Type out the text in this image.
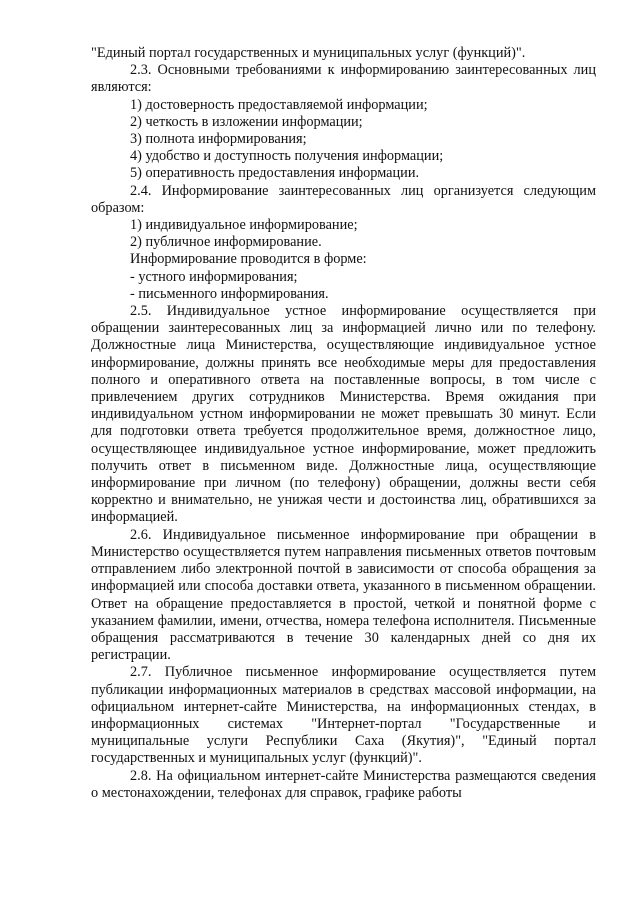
"Единый портал государственных и муниципальных услуг (функций)".

2.3. Основными требованиями к информированию заинтересованных лиц являются:

1) достоверность предоставляемой информации;

2) четкость в изложении информации;

3) полнота информирования;

4) удобство и доступность получения информации;

5) оперативность предоставления информации.

2.4. Информирование заинтересованных лиц организуется следующим образом:

1) индивидуальное информирование;

2) публичное информирование.

Информирование проводится в форме:

- устного информирования;

- письменного информирования.

2.5. Индивидуальное устное информирование осуществляется при обращении заинтересованных лиц за информацией лично или по телефону. Должностные лица Министерства, осуществляющие индивидуальное устное информирование, должны принять все необходимые меры для предоставления полного и оперативного ответа на поставленные вопросы, в том числе с привлечением других сотрудников Министерства. Время ожидания при индивидуальном устном информировании не может превышать 30 минут. Если для подготовки ответа требуется продолжительное время, должностное лицо, осуществляющее индивидуальное устное информирование, может предложить получить ответ в письменном виде. Должностные лица, осуществляющие информирование при личном (по телефону) обращении, должны вести себя корректно и внимательно, не унижая чести и достоинства лиц, обратившихся за информацией.

2.6. Индивидуальное письменное информирование при обращении в Министерство осуществляется путем направления письменных ответов почтовым отправлением либо электронной почтой в зависимости от способа обращения за информацией или способа доставки ответа, указанного в письменном обращении. Ответ на обращение предоставляется в простой, четкой и понятной форме с указанием фамилии, имени, отчества, номера телефона исполнителя. Письменные обращения рассматриваются в течение 30 календарных дней со дня их регистрации.

2.7. Публичное письменное информирование осуществляется путем публикации информационных материалов в средствах массовой информации, на официальном интернет-сайте Министерства, на информационных стендах, в информационных системах "Интернет-портал "Государственные и муниципальные услуги Республики Саха (Якутия)", "Единый портал государственных и муниципальных услуг (функций)".

2.8. На официальном интернет-сайте Министерства размещаются сведения о местонахождении, телефонах для справок, графике работы
